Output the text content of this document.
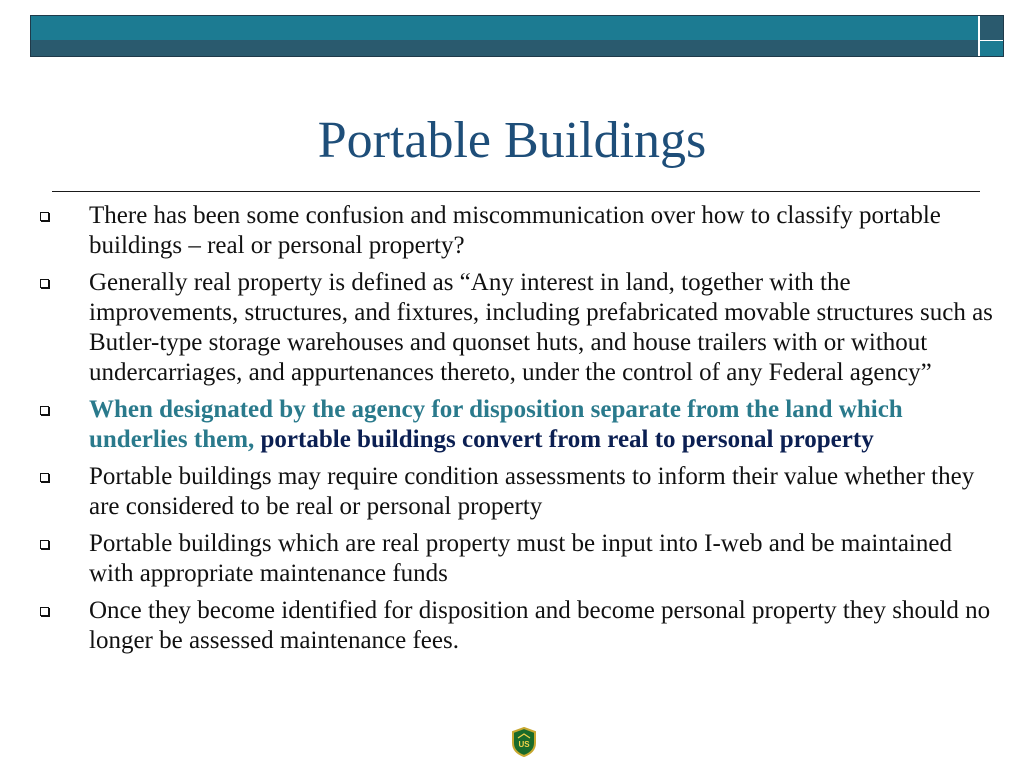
Portable Buildings
There has been some confusion and miscommunication over how to classify portable buildings – real or personal property?
Generally real property is defined as “Any interest in land, together with the improvements, structures, and fixtures, including prefabricated movable structures such as Butler-type storage warehouses and quonset huts, and house trailers with or without undercarriages, and appurtenances thereto, under the control of any Federal agency”
When designated by the agency for disposition separate from the land which underlies them, portable buildings convert from real to personal property
Portable buildings may require condition assessments to inform their value whether they are considered to be real or personal property
Portable buildings which are real property must be input into I-web and be maintained with appropriate maintenance funds
Once they become identified for disposition and become personal property they should no longer be assessed maintenance fees.
US
